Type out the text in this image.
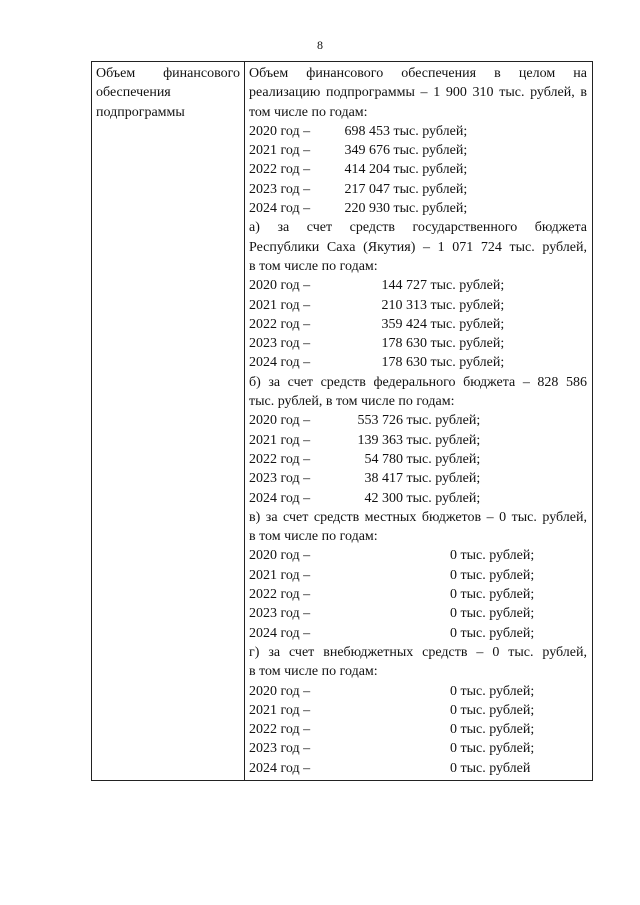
8
Объем финансового
обеспечения
подпрограммы

Объем финансового обеспечения в целом на
реализацию подпрограммы – 1 900 310 тыс. рублей, в
том числе по годам:
2020 год – 698 453 тыс. рублей;
2021 год – 349 676 тыс. рублей;
2022 год – 414 204 тыс. рублей;
2023 год – 217 047 тыс. рублей;
2024 год – 220 930 тыс. рублей;
а) за счет средств государственного бюджета
Республики Саха (Якутия) – 1 071 724 тыс. рублей,
в том числе по годам:
2020 год –	144 727 тыс. рублей;
2021 год –	210 313 тыс. рублей;
2022 год –	359 424 тыс. рублей;
2023 год –	178 630 тыс. рублей;
2024 год –	178 630 тыс. рублей;
б) за счет средств федерального бюджета – 828 586
тыс. рублей, в том числе по годам:
2020 год –	553 726 тыс. рублей;
2021 год –	139 363 тыс. рублей;
2022 год –	54 780 тыс. рублей;
2023 год –	38 417 тыс. рублей;
2024 год –	42 300 тыс. рублей;
в) за счет средств местных бюджетов – 0 тыс. рублей,
в том числе по годам:
2020 год –	0 тыс. рублей;
2021 год –	0 тыс. рублей;
2022 год –	0 тыс. рублей;
2023 год –	0 тыс. рублей;
2024 год –	0 тыс. рублей;
г) за счет внебюджетных средств – 0 тыс. рублей,
в том числе по годам:
2020 год –	0 тыс. рублей;
2021 год –	0 тыс. рублей;
2022 год –	0 тыс. рублей;
2023 год –	0 тыс. рублей;
2024 год –	0 тыс. рублей
